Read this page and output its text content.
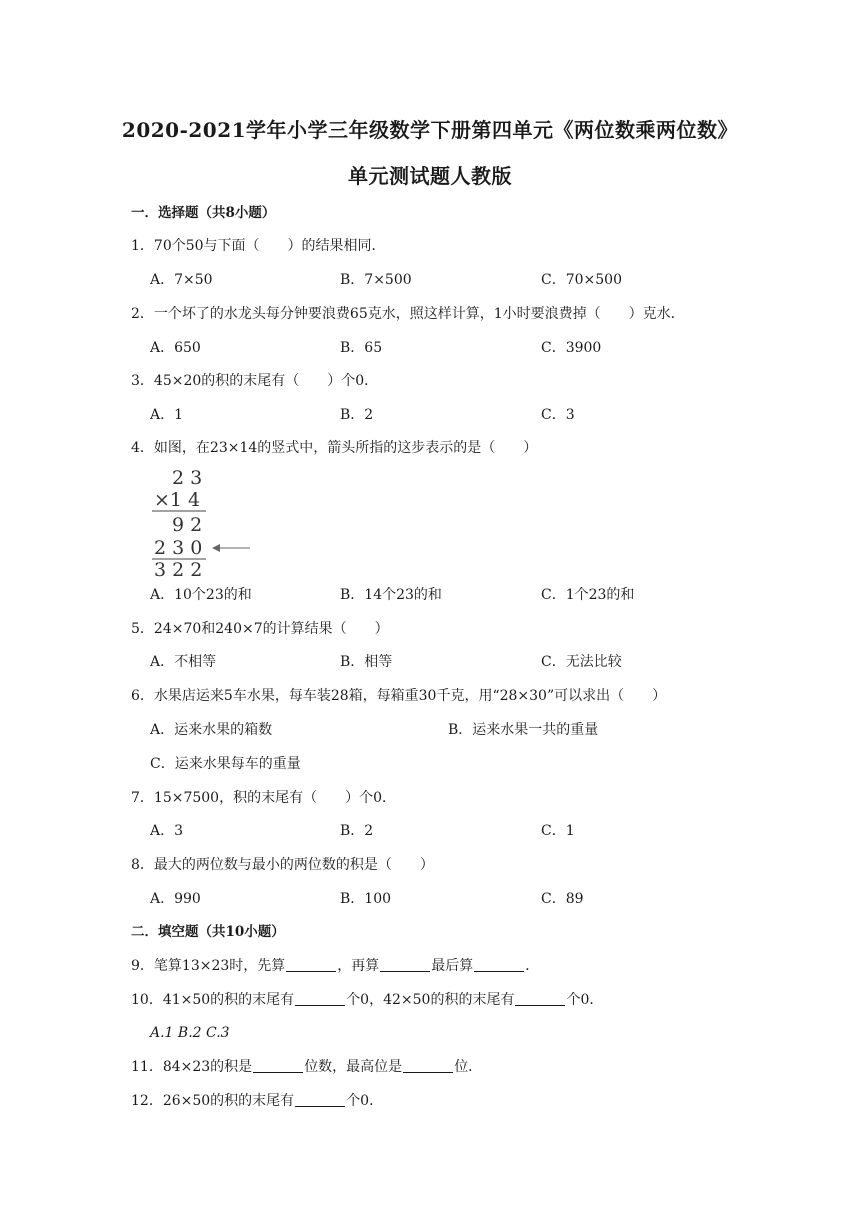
2020-2021学年小学三年级数学下册第四单元《两位数乘两位数》
单元测试题人教版
一．选择题（共8小题）
1．70个50与下面（　　）的结果相同．
A．7×50	B．7×500	C．70×500
2．一个坏了的水龙头每分钟要浪费65克水，照这样计算，1小时要浪费掉（　　）克水．
A．650	B．65	C．3900
3．45×20的积的末尾有（　　）个0．
A．1	B．2	C．3
4．如图，在23×14的竖式中，箭头所指的这步表示的是（　　）
2 3
×1 4
9 2
2 3 0
3 2 2
A．10个23的和	B．14个23的和	C．1个23的和
5．24×70和240×7的计算结果（　　）
A．不相等	B．相等	C．无法比较
6．水果店运来5车水果，每车装28箱，每箱重30千克，用“28×30”可以求出（　　）
A．运来水果的箱数	B．运来水果一共的重量
C．运来水果每车的重量
7．15×7500，积的末尾有（　　）个0．
A．3	B．2	C．1
8．最大的两位数与最小的两位数的积是（　　）
A．990	B．100	C．89
二．填空题（共10小题）
9．笔算13×23时，先算	，再算	最后算	．
10．41×50的积的末尾有	个0，42×50的积的末尾有	个0．
A.1 B.2 C.3
11．84×23的积是	位数，最高位是	位．
12．26×50的积的末尾有	个0．
